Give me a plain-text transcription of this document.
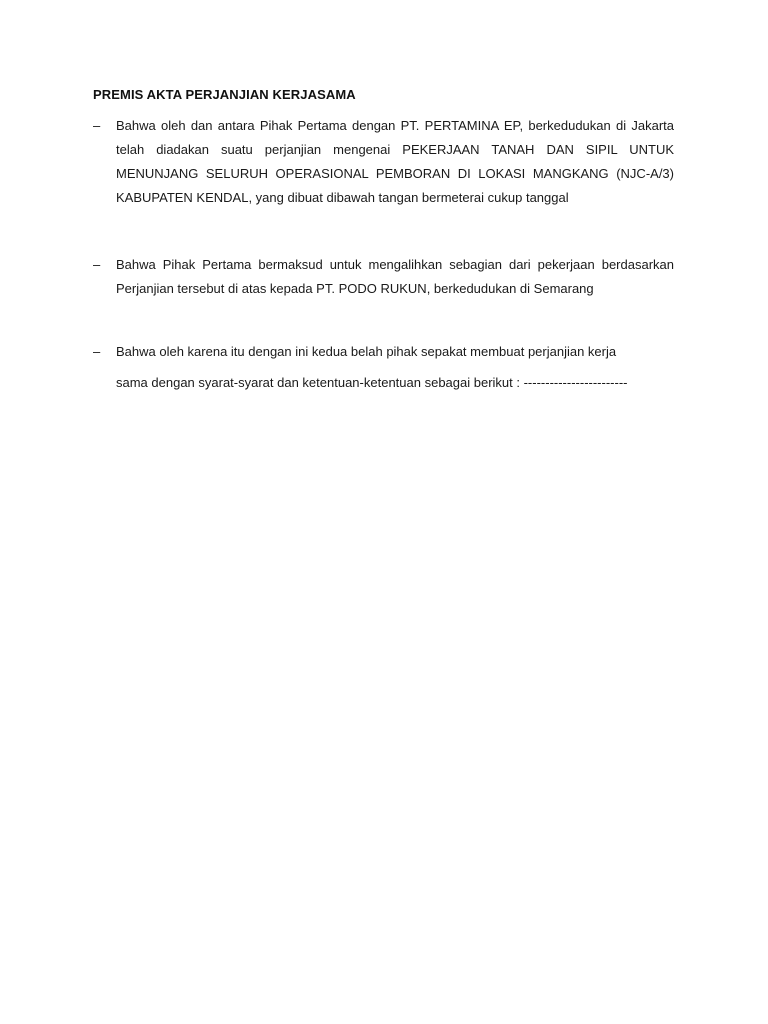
PREMIS AKTA PERJANJIAN KERJASAMA
– Bahwa oleh dan antara Pihak Pertama dengan PT. PERTAMINA EP, berkedudukan di Jakarta telah diadakan suatu perjanjian mengenai PEKERJAAN TANAH DAN SIPIL UNTUK MENUNJANG SELURUH OPERASIONAL PEMBORAN DI LOKASI MANGKANG (NJC-A/3) KABUPATEN KENDAL, yang dibuat dibawah tangan bermeterai cukup tanggal

– Bahwa Pihak Pertama bermaksud untuk mengalihkan sebagian dari pekerjaan berdasarkan Perjanjian tersebut di atas kepada PT. PODO RUKUN, berkedudukan di Semarang

– Bahwa oleh karena itu dengan ini kedua belah pihak sepakat membuat perjanjian kerja

sama dengan syarat-syarat dan ketentuan-ketentuan sebagai berikut : ------------------------
